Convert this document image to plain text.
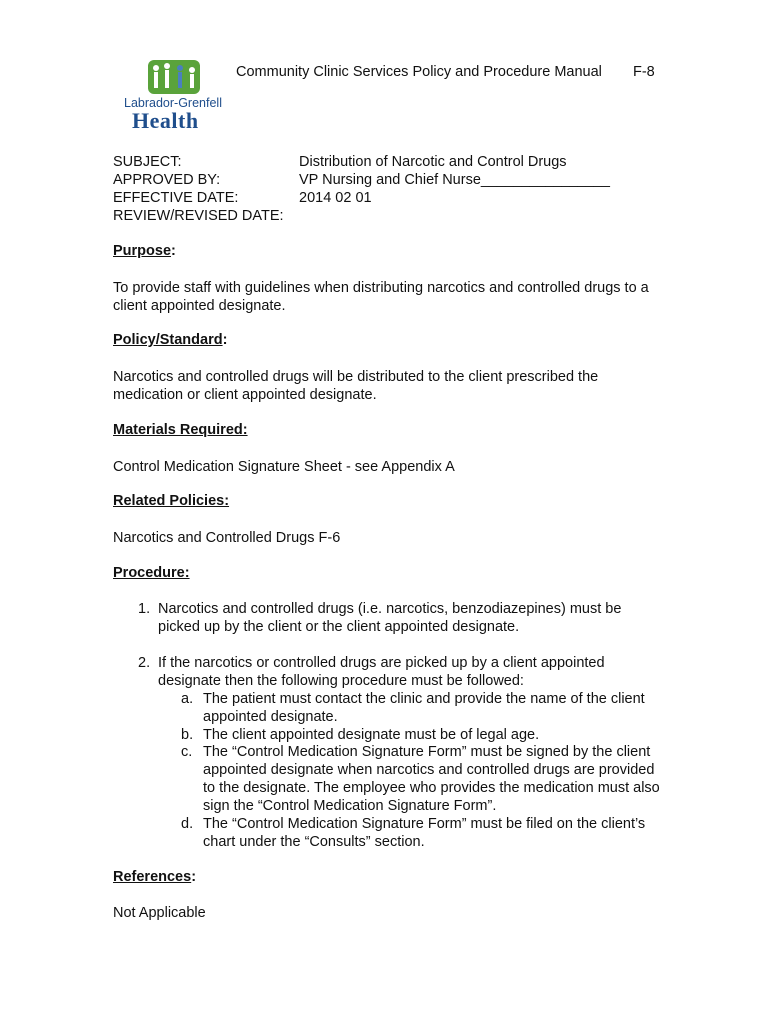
Labrador-Grenfell
Health
Community Clinic Services Policy and Procedure Manual F-8
SUBJECT:	Distribution of Narcotic and Control Drugs
APPROVED BY:	VP Nursing and Chief Nurse________________
EFFECTIVE DATE:	2014 02 01
REVIEW/REVISED DATE:
Purpose:
To provide staff with guidelines when distributing narcotics and controlled drugs to a client appointed designate.
Policy/Standard:
Narcotics and controlled drugs will be distributed to the client prescribed the medication or client appointed designate.
Materials Required:
Control Medication Signature Sheet - see Appendix A
Related Policies:
Narcotics and Controlled Drugs F-6
Procedure:
1. Narcotics and controlled drugs (i.e. narcotics, benzodiazepines) must be picked up by the client or the client appointed designate.
2. If the narcotics or controlled drugs are picked up by a client appointed designate then the following procedure must be followed:
a. The patient must contact the clinic and provide the name of the client appointed designate.
b. The client appointed designate must be of legal age.
c. The “Control Medication Signature Form” must be signed by the client appointed designate when narcotics and controlled drugs are provided to the designate. The employee who provides the medication must also sign the “Control Medication Signature Form”.
d. The “Control Medication Signature Form” must be filed on the client’s chart under the “Consults” section.
References:
Not Applicable
